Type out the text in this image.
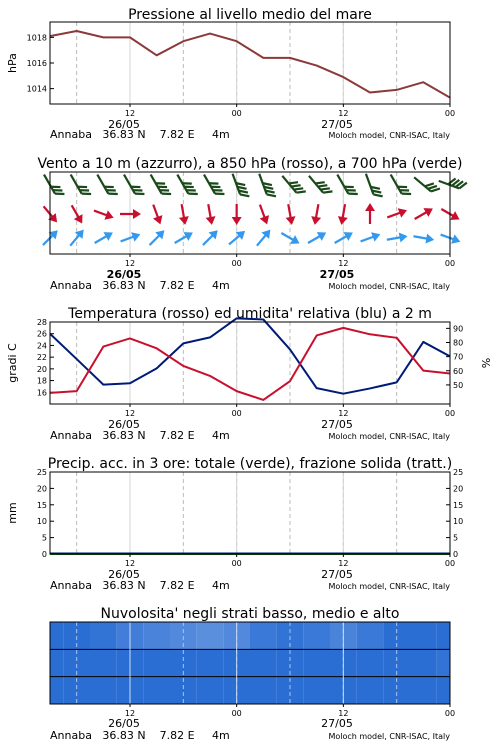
Pressione al livello medio del mare
1014
1016
1018
12	00	12	00
hPa
26/05	27/05
Annaba   36.83 N    7.82 E     4m	Moloch model, CNR-ISAC, Italy
Vento a 10 m (azzurro), a 850 hPa (rosso), a 700 hPa (verde)
12	00	12	00
26/05	27/05
Annaba   36.83 N    7.82 E     4m	Moloch model, CNR-ISAC, Italy
Temperatura (rosso) ed umidita' relativa (blu) a 2 m
16
18
20
22
24
26
28
50
60
70
80
90
12	00	12	00
gradi C	%
26/05	27/05
Annaba   36.83 N    7.82 E     4m	Moloch model, CNR-ISAC, Italy
Precip. acc. in 3 ore: totale (verde), frazione solida (tratt.)
0
5
10
15
20
25
0
5
10
15
20
25
12	00	12	00
mm
26/05	27/05
Annaba   36.83 N    7.82 E     4m	Moloch model, CNR-ISAC, Italy
Nuvolosita' negli strati basso, medio e alto
12	00	12	00
26/05	27/05
Annaba   36.83 N    7.82 E     4m	Moloch model, CNR-ISAC, Italy
